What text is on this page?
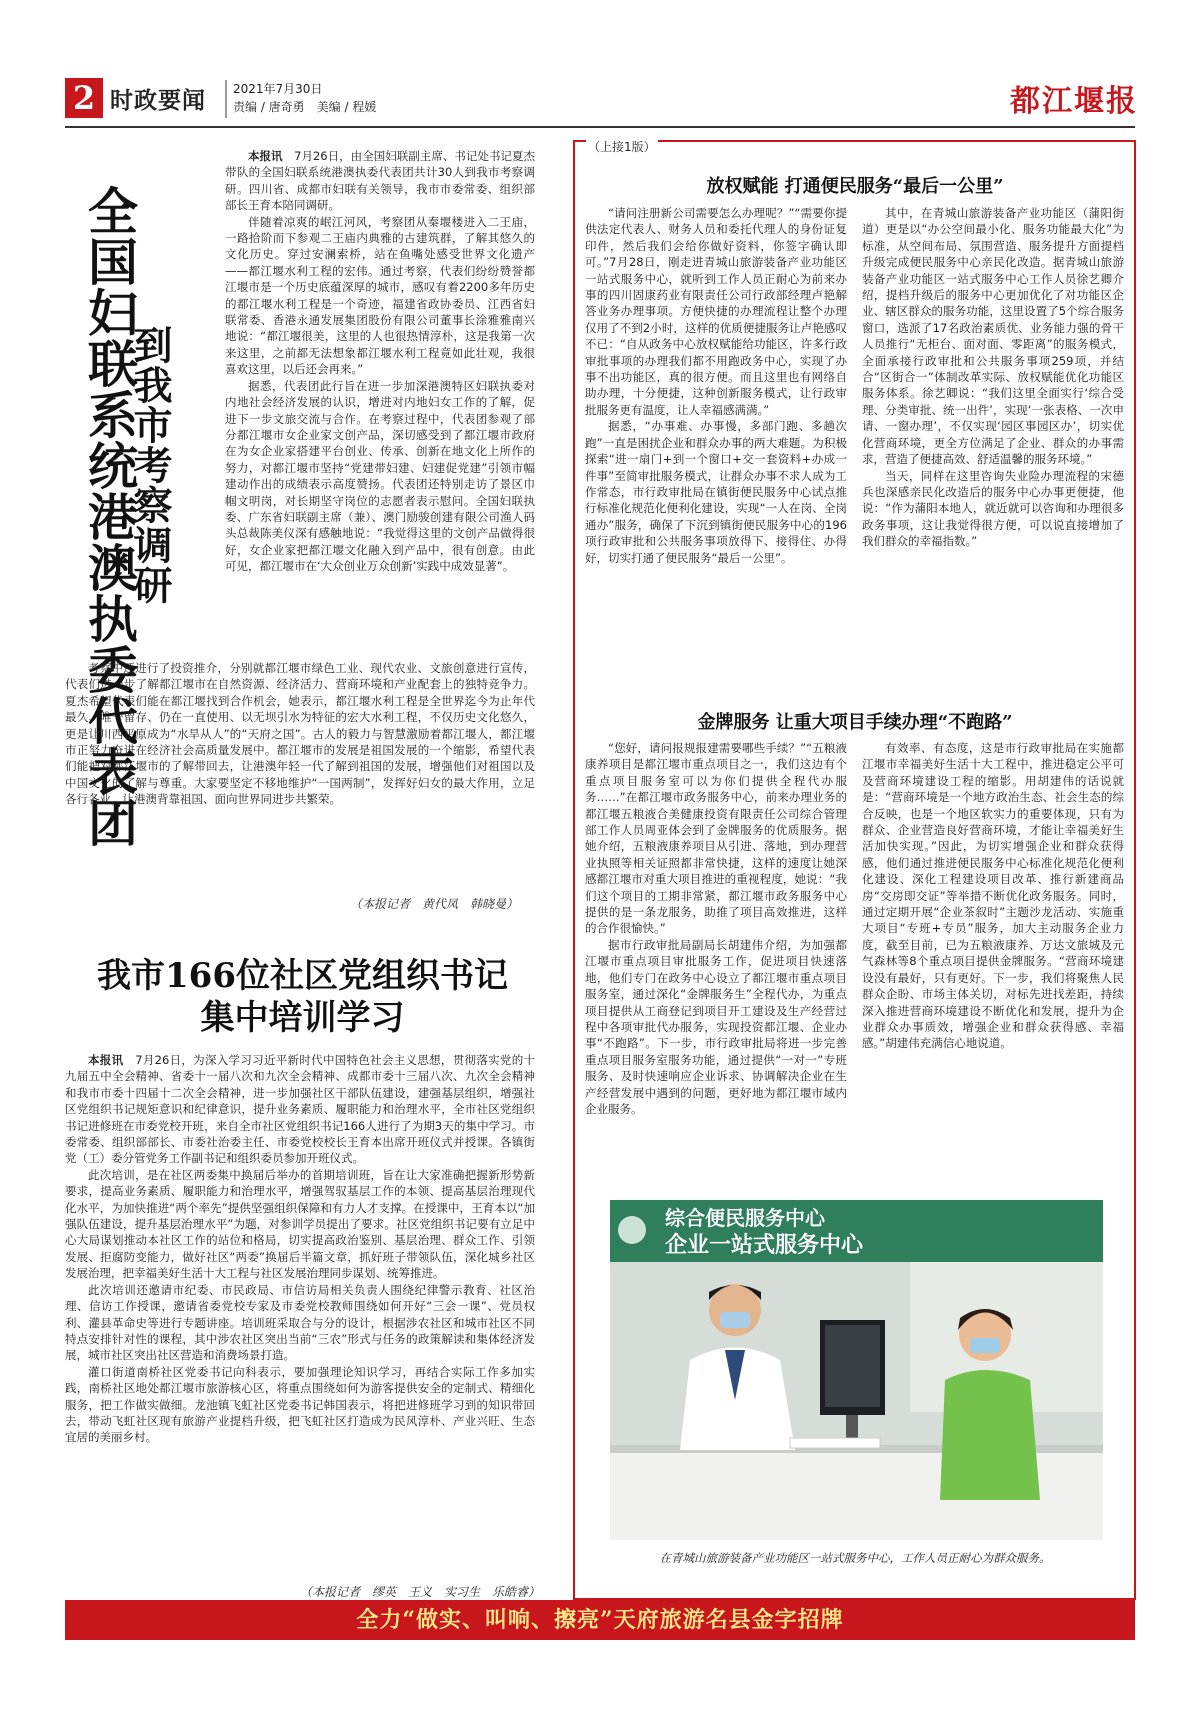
2 时政要闻 2021年7月30日
责编 / 唐奇勇　美编 / 程媛	都江堰报
全国妇联系统港澳执委代表团
到我市考察调研

本报讯　 7月26日，由全国妇联副主席、书记处书记夏杰带队的全国妇联系统港澳执委代表团共计30人到我市考察调研。四川省、成都市妇联有关领导，我市市委常委、组织部部长王育本陪同调研。

伴随着凉爽的岷江河风，考察团从秦堰楼进入二王庙，一路拾阶而下参观二王庙内典雅的古建筑群，了解其悠久的文化历史。穿过安澜索桥，站在鱼嘴处感受世界文化遗产——都江堰水利工程的宏伟。通过考察，代表们纷纷赞誉都江堰市是一个历史底蕴深厚的城市，感叹有着2200多年历史的都江堰水利工程是一个奇迹，福建省政协委员、江西省妇联常委、香港永通发展集团股份有限公司董事长涂雅雅南兴地说：“都江堰很美，这里的人也很热情淳朴，这是我第一次来这里，之前都无法想象都江堰水利工程竟如此壮观，我很喜欢这里，以后还会再来。”

据悉，代表团此行旨在进一步加深港澳特区妇联执委对内地社会经济发展的认识，增进对内地妇女工作的了解，促进下一步文旅交流与合作。在考察过程中，代表团参观了部分都江堰市女企业家文创产品，深切感受到了都江堰市政府在为女企业家搭建平台创业、传承、创新在地文化上所作的努力，对都江堰市坚持“党建带妇建、妇建促党建”引领市幅建动作出的成绩表示高度赞扬。代表团还特别走访了景区巾帼文明岗，对长期坚守岗位的志愿者表示慰问。全国妇联执委、广东省妇联副主席（兼）、澳门励骏创建有限公司渔人码头总裁陈美仪深有感触地说：“我觉得这里的文创产品做得很好，女企业家把都江堰文化融入到产品中，很有创意。由此可见，都江堰市在‘大众创业万众创新’实践中成效显著”。

考察中还进行了投资推介，分别就都江堰市绿色工业、现代农业、文旅创意进行宣传，代表们进一步了解都江堰市在自然资源、经济活力、营商环境和产业配套上的独特竞争力。夏杰希望代表们能在都江堰找到合作机会，她表示，都江堰水利工程是全世界迄今为止年代最久、唯一留存、仍在一直使用、以无坝引水为特征的宏大水利工程，不仅历史文化悠久，更是让川西平原成为“水旱从人”的“天府之国”。古人的毅力与智慧激励着都江堰人，都江堰市正努力奋进在经济社会高质量发展中。都江堰市的发展是祖国发展的一个缩影，希望代表们能把对都江堰市的了解带回去，让港澳年轻一代了解到祖国的发展，增强他们对祖国以及中国文化的了解与尊重。大家要坚定不移地维护“一国两制”，发挥好妇女的最大作用，立足各行各业，让港澳背靠祖国、面向世界同进步共繁荣。

（本报记者　黄代凤　韩晓曼）
我市166位社区党组织书记
集中培训学习

本报讯　 7月26日，为深入学习习近平新时代中国特色社会主义思想，贯彻落实党的十九届五中全会精神、省委十一届八次和九次全会精神、成都市委十三届八次、九次全会精神和我市市委十四届十二次全会精神，进一步加强社区干部队伍建设，建强基层组织，增强社区党组织书记规矩意识和纪律意识，提升业务素质、履职能力和治理水平，全市社区党组织书记进修班在市委党校开班，来自全市社区党组织书记166人进行了为期3天的集中学习。市委常委、组织部部长、市委社治委主任、市委党校校长王育本出席开班仪式并授课。各镇街党（工）委分管党务工作副书记和组织委员参加开班仪式。

此次培训，是在社区两委集中换届后举办的首期培训班，旨在让大家准确把握新形势新要求，提高业务素质、履职能力和治理水平，增强驾驭基层工作的本领、提高基层治理现代化水平，为加快推进“两个率先”提供坚强组织保障和有力人才支撑。在授课中，王育本以“加强队伍建设，提升基层治理水平”为题，对参训学员提出了要求。社区党组织书记要有立足中心大局谋划推动本社区工作的站位和格局，切实提高政治鉴别、基层治理、群众工作、引领发展、拒腐防变能力，做好社区“两委”换届后半篇文章，抓好班子带领队伍，深化城乡社区发展治理，把幸福美好生活十大工程与社区发展治理同步谋划、统筹推进。

此次培训还邀请市纪委、市民政局、市信访局相关负责人围绕纪律警示教育、社区治理、信访工作授课，邀请省委党校专家及市委党校教师围绕如何开好“三会一课”、党员权利、灌县革命史等进行专题讲座。培训班采取合与分的设计，根据涉农社区和城市社区不同特点安排针对性的课程，其中涉农社区突出当前“三农”形式与任务的政策解读和集体经济发展，城市社区突出社区营造和消费场景打造。

灌口街道南桥社区党委书记向科表示，要加强理论知识学习，再结合实际工作多加实践，南桥社区地处都江堰市旅游核心区，将重点围绕如何为游客提供安全的定制式、精细化服务，把工作做实做细。龙池镇飞虹社区党委书记韩国表示，将把进修班学习到的知识带回去，带动飞虹社区现有旅游产业提档升级，把飞虹社区打造成为民风淳朴、产业兴旺、生态宜居的美丽乡村。

（本报记者　缪英　王义　实习生　乐皓睿）
（上接1版）
放权赋能 打通便民服务“最后一公里”

“请问注册新公司需要怎么办理呢？”“需要你提供法定代表人、财务人员和委托代理人的身份证复印件，然后我们会给你做好资料，你签字确认即可。”7月28日，刚走进青城山旅游装备产业功能区一站式服务中心，就听到工作人员正耐心为前来办事的四川固康药业有限责任公司行政部经理卢艳解答业务办理事项。方便快捷的办理流程让整个办理仅用了不到2小时，这样的优质便捷服务让卢艳感叹不已：“自从政务中心放权赋能给功能区，许多行政审批事项的办理我们都不用跑政务中心，实现了办事不出功能区，真的很方便。而且这里也有网络自助办理，十分便捷，这种创新服务模式，让行政审批服务更有温度，让人幸福感满满。”

据悉，“办事难、办事慢，多部门跑、多趟次跑”一直是困扰企业和群众办事的两大难题。为积极探索“进一扇门+到一个窗口+交一套资料+办成一件事”至简审批服务模式，让群众办事不求人成为工作常态，市行政审批局在镇街便民服务中心试点推行标准化规范化便利化建设，实现“一人在岗、全岗通办”服务，确保了下沉到镇街便民服务中心的196项行政审批和公共服务事项放得下、接得住、办得好，切实打通了便民服务“最后一公里”。

其中，在青城山旅游装备产业功能区（蒲阳街道）更是以“办公空间最小化、服务功能最大化”为标准，从空间布局、氛围营造、服务提升方面提档升级完成便民服务中心亲民化改造。据青城山旅游装备产业功能区一站式服务中心工作人员徐艺卿介绍，提档升级后的服务中心更加优化了对功能区企业、辖区群众的服务功能，这里设置了5个综合服务窗口，选派了17名政治素质优、业务能力强的骨干人员推行“无柜台、面对面、零距离”的服务模式，全面承接行政审批和公共服务事项259项，并结合“区街合一”体制改革实际、放权赋能优化功能区服务体系。徐艺卿说：“我们这里全面实行‘综合受理、分类审批、统一出件’，实现‘一张表格、一次申请、一窗办理’，不仅实现‘园区事园区办’，切实优化营商环境，更全方位满足了企业、群众的办事需求，营造了便捷高效、舒适温馨的服务环境。”

当天，同样在这里咨询失业险办理流程的宋德兵也深感亲民化改造后的服务中心办事更便捷，他说：“作为蒲阳本地人，就近就可以咨询和办理很多政务事项，这让我觉得很方便，可以说直接增加了我们群众的幸福指数。”

金牌服务 让重大项目手续办理“不跑路”

“您好，请问报规报建需要哪些手续？”“五粮液康养项目是都江堰市重点项目之一，我们这边有个重点项目服务室可以为你们提供全程代办服务……”在都江堰市政务服务中心，前来办理业务的都江堰五粮液合美健康投资有限责任公司综合管理部工作人员周亚体会到了金牌服务的优质服务。据她介绍，五粮液康养项目从引进、落地，到办理营业执照等相关证照都非常快捷，这样的速度让她深感都江堰市对重大项目推进的重视程度，她说：“我们这个项目的工期非常紧，都江堰市政务服务中心提供的是一条龙服务，助推了项目高效推进，这样的合作很愉快。”

据市行政审批局副局长胡建伟介绍，为加强都江堰市重点项目审批服务工作，促进项目快速落地，他们专门在政务中心设立了都江堰市重点项目服务室，通过深化“金牌服务生”全程代办，为重点项目提供从工商登记到项目开工建设及生产经营过程中各项审批代办服务，实现投资都江堰、企业办事“不跑路”。下一步，市行政审批局将进一步完善重点项目服务室服务功能，通过提供“一对一”专班服务、及时快速响应企业诉求、协调解决企业在生产经营发展中遇到的问题，更好地为都江堰市域内企业服务。

有效率、有态度，这是市行政审批局在实施都江堰市幸福美好生活十大工程中，推进稳定公平可及营商环境建设工程的缩影。用胡建伟的话说就是：“营商环境是一个地方政治生态、社会生态的综合反映，也是一个地区软实力的重要体现，只有为群众、企业营造良好营商环境，才能让幸福美好生活加快实现。”因此，为切实增强企业和群众获得感，他们通过推进便民服务中心标准化规范化便利化建设、深化工程建设项目改革、推行新建商品房“交房即交证”等举措不断优化政务服务。同时，通过定期开展“企业茶叙时”主题沙龙活动、实施重大项目“专班+专员”服务，加大主动服务企业力度，截至目前，已为五粮液康养、万达文旅城及元气森林等8个重点项目提供金牌服务。“营商环境建设没有最好，只有更好。下一步，我们将聚焦人民群众企盼、市场主体关切，对标先进找差距，持续深入推进营商环境建设不断优化和发展，提升为企业群众办事质效，增强企业和群众获得感、幸福感。”胡建伟充满信心地说道。

综合便民服务中心
企业一站式服务中心
在青城山旅游装备产业功能区一站式服务中心，工作人员正耐心为群众服务。
全力“做实、叫响、擦亮”天府旅游名县金字招牌
